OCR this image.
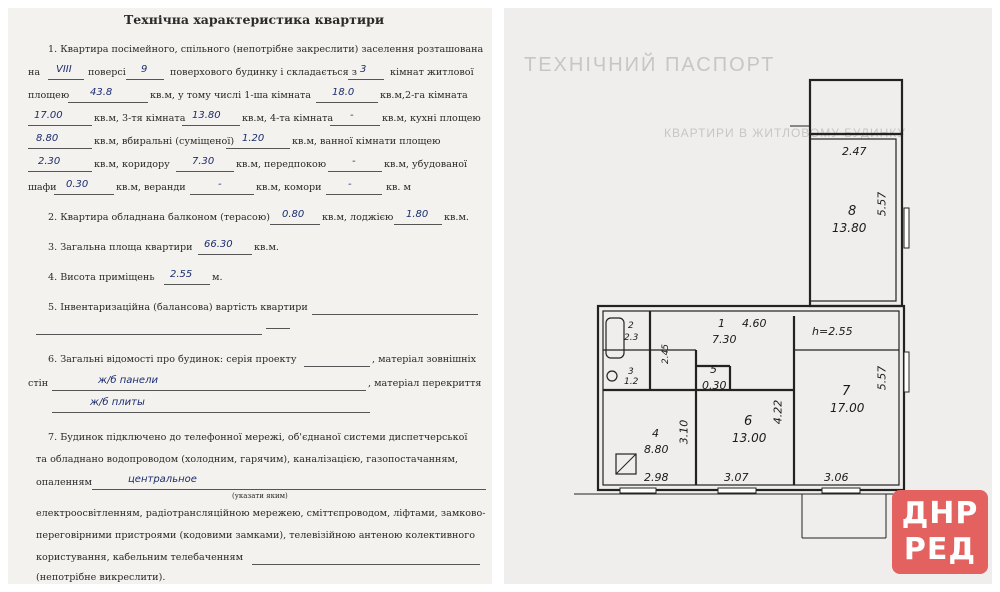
Технічна характеристика квартири
1. Квартира посімейного, спільного (непотрібне закреслити) заселення розташована
на VIII поверсі 9 поверхового будинку і складається з 3 кімнат житлової
площею 43.8	кв.м, у тому числі 1-ша кімната 18.0	кв.м,2-га кімната
17.00	кв.м, 3-тя кімната 13.80 кв.м, 4-та кімната -	кв.м, кухні площею
8.80	кв.м, вбиральні (суміщеної) 1.20	кв.м, ванної кімнати площею
2.30	кв.м, коридору 7.30 кв.м, передпокою	-	кв.м, убудованої
шафи 0.30	кв.м, веранди	-	кв.м, комори	-	кв. м
2. Квартира обладнана балконом (терасою) 0.80 кв.м, лоджією 1.80 кв.м.
3. Загальна площа квартири 66.30 кв.м.
4. Висота приміщень 2.55 м.
5. Інвентаризаційна (балансова) вартість квартири
6. Загальні відомості про будинок: серія проекту	, матеріал зовнішніх
стін	ж/б панели	, матеріал перекриття
ж/б плиты
7. Будинок підключено до телефонної мережі, об'єднаної системи диспетчерської
та обладнано водопроводом (холодним, гарячим), каналізацією, газопостачанням,
опаленням	центральное
(указати яким)
електроосвітленням, радіотрансляційною мережею, сміттєпроводом, ліфтами, замково-
переговірними пристроями (кодовими замками), телевізійною антеною колективного
користування, кабельним телебаченням
(непотрібне викреслити).
ТЕХНІЧНИЙ ПАСПОРТ
КВАРТИРИ В ЖИТЛОВОМУ БУДИНКУ
2.47
5.57
8
13.80
1
7.30
4.60
h=2.55
2
2.3
2.45
3
1.2
5
0.30
4
8.80
3.10	6
13.00
4.22
7
17.00
5.57
2.98	3.07	3.06
ДНР
РЕД
